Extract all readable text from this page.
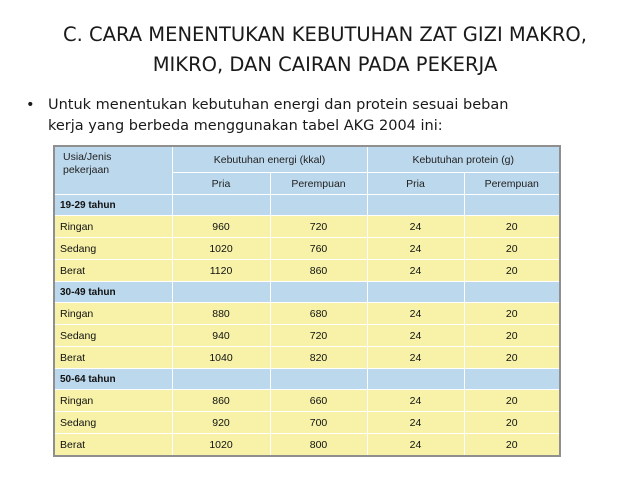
C. CARA MENENTUKAN KEBUTUHAN ZAT GIZI MAKRO,
MIKRO, DAN CAIRAN PADA PEKERJA
• Untuk menentukan kebutuhan energi dan protein sesuai beban
kerja yang berbeda menggunakan tabel AKG 2004 ini:
Usia/Jenis
pekerjaan	Kebutuhan energi (kkal)		Kebutuhan protein (g)	
	Pria	Perempuan	Pria	Perempuan
19-29 tahun				
Ringan	960	720	24	20
Sedang	1020	760	24	20
Berat	1120	860	24	20
30-49 tahun				
Ringan	880	680	24	20
Sedang	940	720	24	20
Berat	1040	820	24	20
50-64 tahun				
Ringan	860	660	24	20
Sedang	920	700	24	20
Berat	1020	800	24	20
